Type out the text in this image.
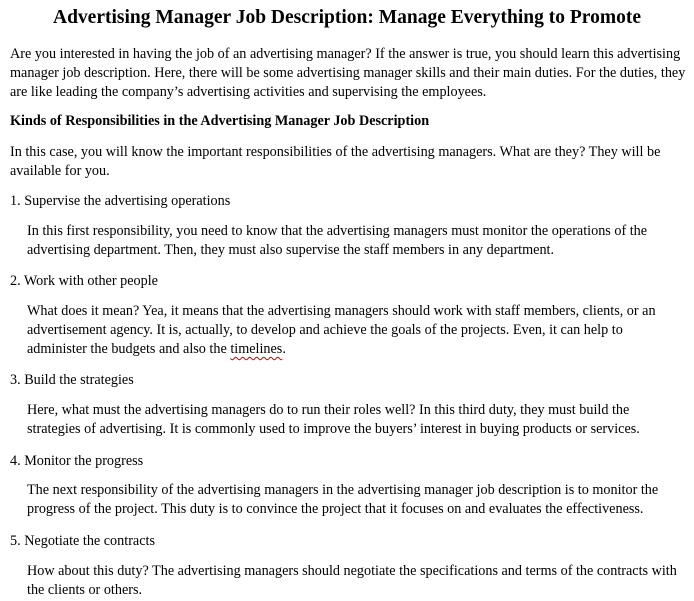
Advertising Manager Job Description: Manage Everything to Promote

Are you interested in having the job of an advertising manager? If the answer is true, you should learn this advertising manager job description. Here, there will be some advertising manager skills and their main duties. For the duties, they are like leading the company’s advertising activities and supervising the employees.

Kinds of Responsibilities in the Advertising Manager Job Description

In this case, you will know the important responsibilities of the advertising managers. What are they? They will be available for you.

1. Supervise the advertising operations

In this first responsibility, you need to know that the advertising managers must monitor the operations of the advertising department. Then, they must also supervise the staff members in any department.

2. Work with other people

What does it mean? Yea, it means that the advertising managers should work with staff members, clients, or an advertisement agency. It is, actually, to develop and achieve the goals of the projects. Even, it can help to administer the budgets and also the timelines.

3. Build the strategies

Here, what must the advertising managers do to run their roles well? In this third duty, they must build the strategies of advertising. It is commonly used to improve the buyers’ interest in buying products or services.

4. Monitor the progress

The next responsibility of the advertising managers in the advertising manager job description is to monitor the progress of the project. This duty is to convince the project that it focuses on and evaluates the effectiveness.

5. Negotiate the contracts

How about this duty? The advertising managers should negotiate the specifications and terms of the contracts with the clients or others.
